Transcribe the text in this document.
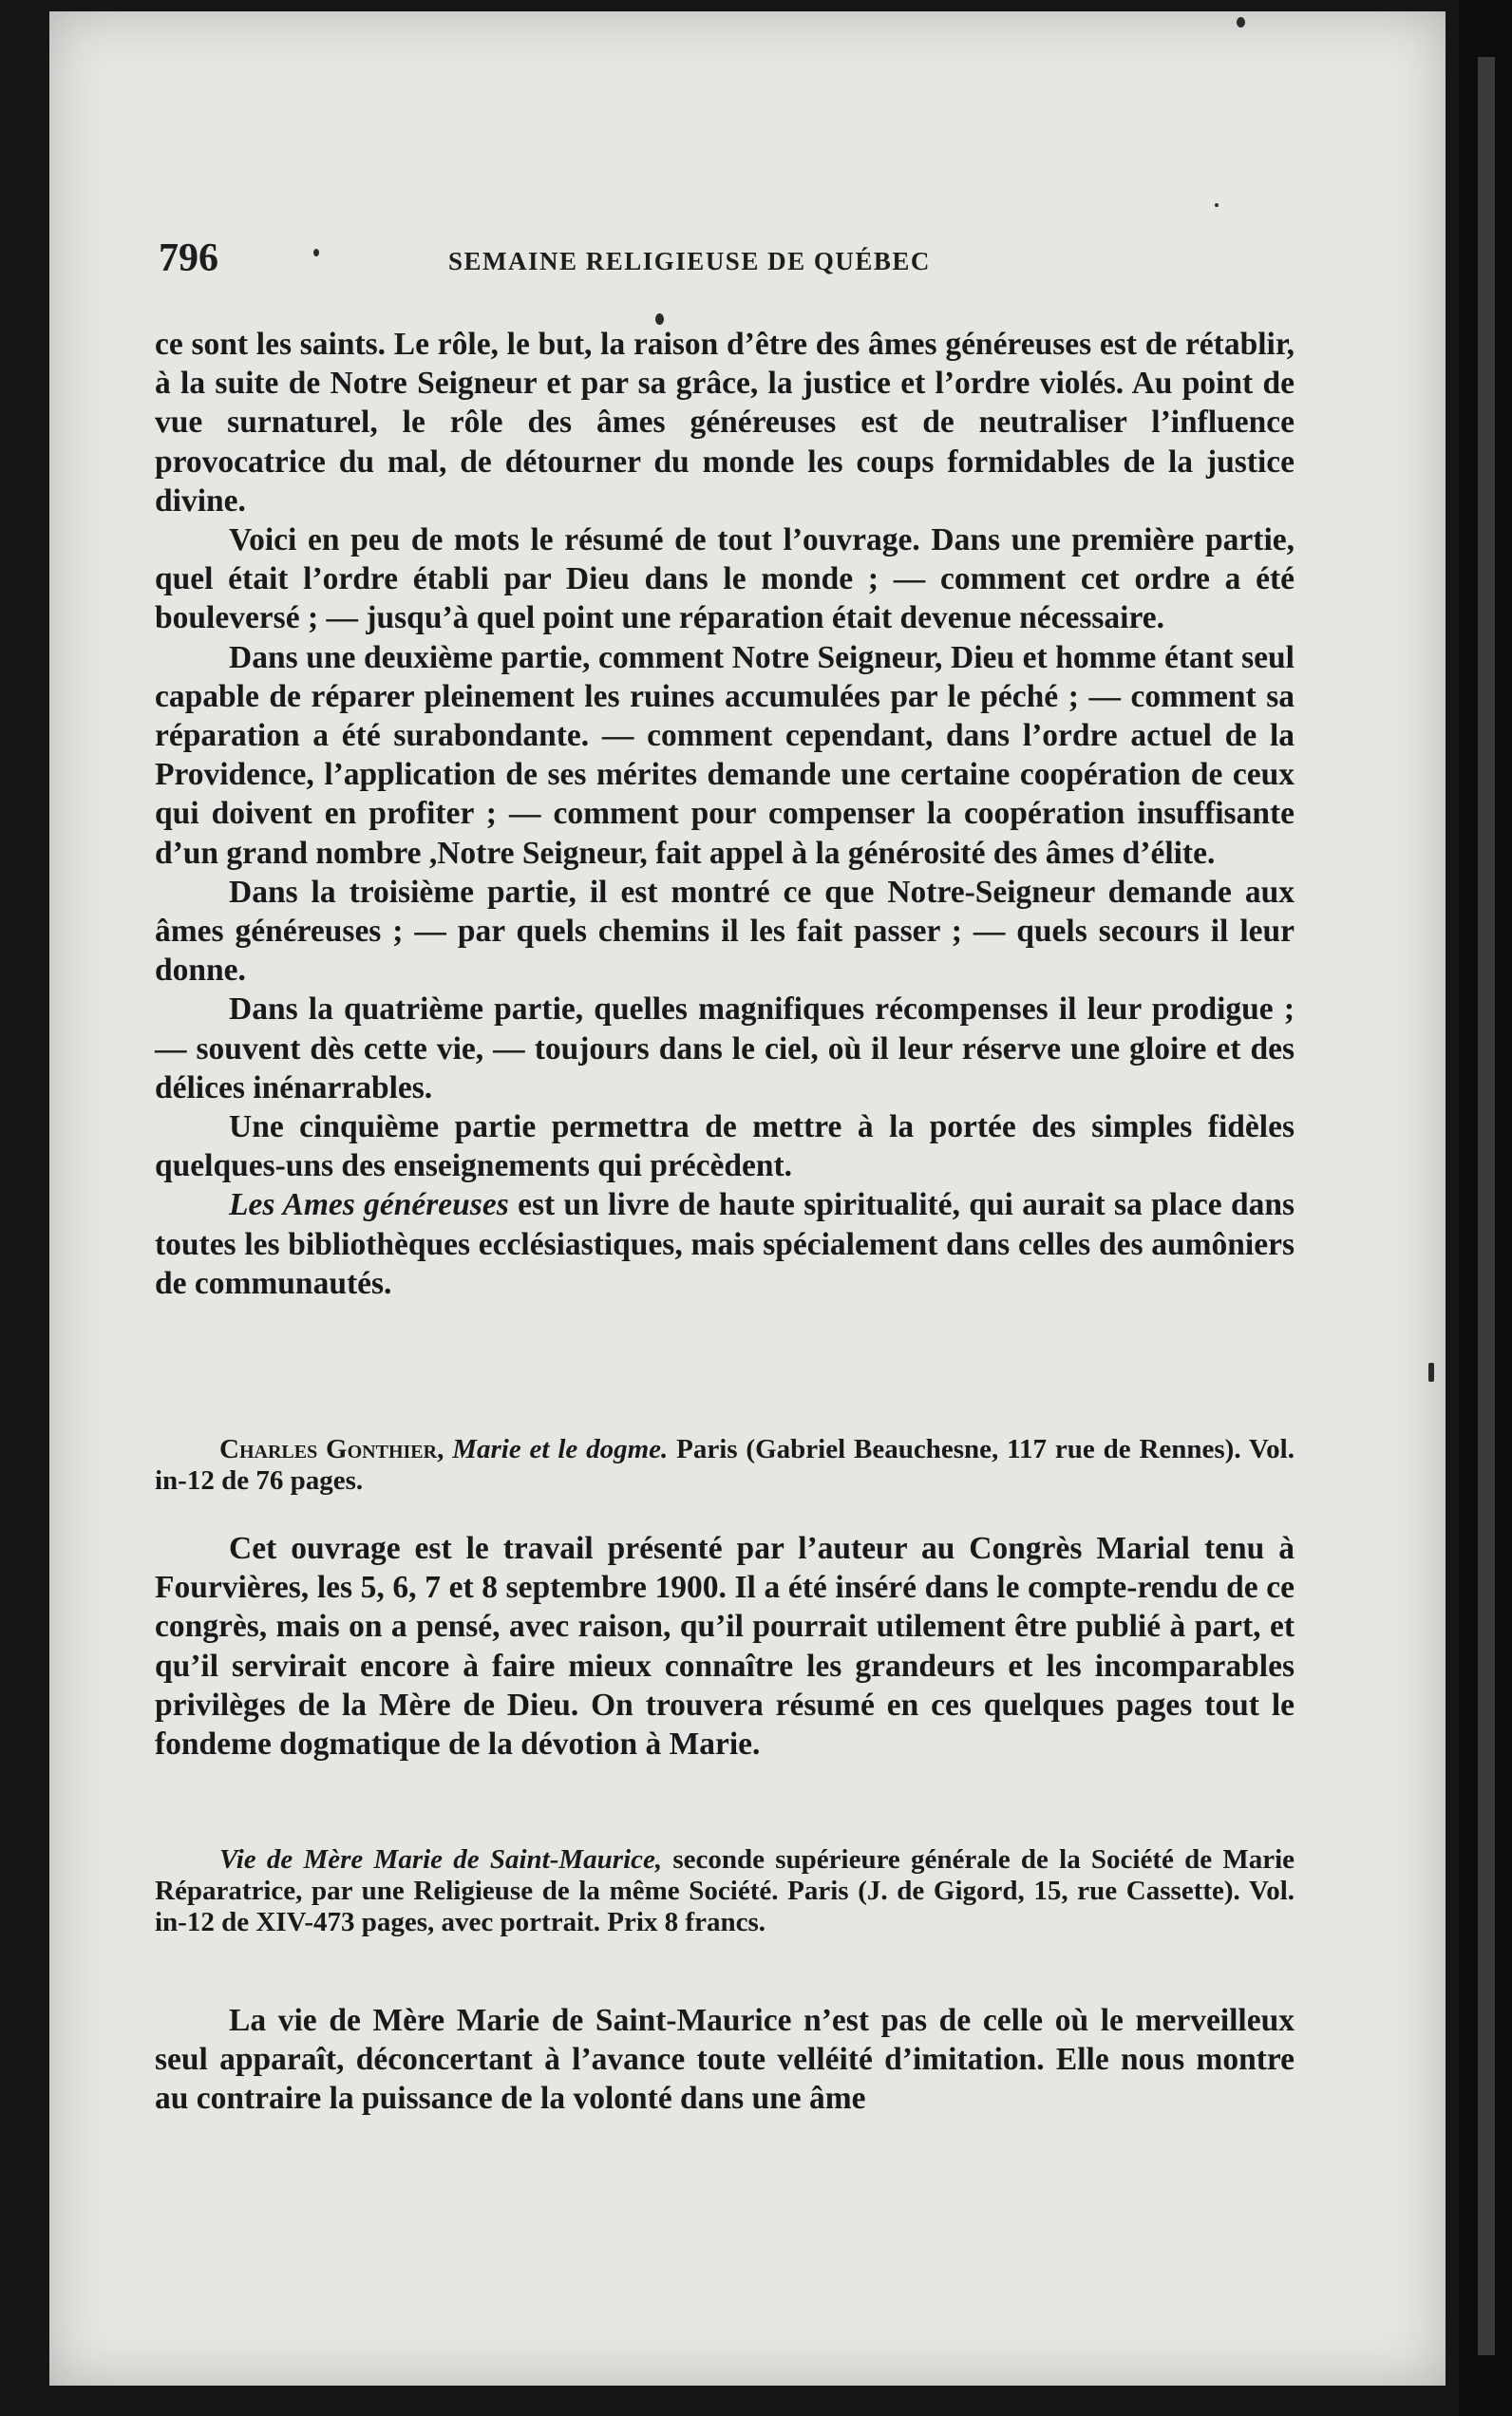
796	SEMAINE RELIGIEUSE DE QUÉBEC

ce sont les saints. Le rôle, le but, la raison d’être des âmes généreuses est de rétablir, à la suite de Notre Seigneur et par sa grâce, la justice et l’ordre violés. Au point de vue surnaturel, le rôle des âmes généreuses est de neutraliser l’influence provocatrice du mal, de détourner du monde les coups formidables de la justice divine.

Voici en peu de mots le résumé de tout l’ouvrage. Dans une première partie, quel était l’ordre établi par Dieu dans le monde ; — comment cet ordre a été bouleversé ; — jusqu’à quel point une réparation était devenue nécessaire.

Dans une deuxième partie, comment Notre Seigneur, Dieu et homme étant seul capable de réparer pleinement les ruines accumulées par le péché ; — comment sa réparation a été surabondante. — comment cependant, dans l’ordre actuel de la Providence, l’application de ses mérites demande une certaine coopération de ceux qui doivent en profiter ; — comment pour compenser la coopération insuffisante d’un grand nombre ,Notre Seigneur, fait appel à la générosité des âmes d’élite.

Dans la troisième partie, il est montré ce que Notre-Seigneur demande aux âmes généreuses ; — par quels chemins il les fait passer ; — quels secours il leur donne.

Dans la quatrième partie, quelles magnifiques récompenses il leur prodigue ; — souvent dès cette vie, — toujours dans le ciel, où il leur réserve une gloire et des délices inénarrables.

Une cinquième partie permettra de mettre à la portée des simples fidèles quelques-uns des enseignements qui précèdent.

Les Ames généreuses est un livre de haute spiritualité, qui aurait sa place dans toutes les bibliothèques ecclésiastiques, mais spécialement dans celles des aumôniers de communautés.

Charles Gonthier, Marie et le dogme. Paris (Gabriel Beauchesne, 117 rue de Rennes). Vol. in-12 de 76 pages.

Cet ouvrage est le travail présenté par l’auteur au Congrès Marial tenu à Fourvières, les 5, 6, 7 et 8 septembre 1900. Il a été inséré dans le compte-rendu de ce congrès, mais on a pensé, avec raison, qu’il pourrait utilement être publié à part, et qu’il servirait encore à faire mieux connaître les grandeurs et les incomparables privilèges de la Mère de Dieu. On trouvera résumé en ces quelques pages tout le fondeme dogmatique de la dévotion à Marie.

Vie de Mère Marie de Saint-Maurice, seconde supérieure générale de la Société de Marie Réparatrice, par une Religieuse de la même Société. Paris (J. de Gigord, 15, rue Cassette). Vol. in-12 de XIV-473 pages, avec portrait. Prix 8 francs.

La vie de Mère Marie de Saint-Maurice n’est pas de celle où le merveilleux seul apparaît, déconcertant à l’avance toute velléité d’imitation. Elle nous montre au contraire la puissance de la volonté dans une âme
